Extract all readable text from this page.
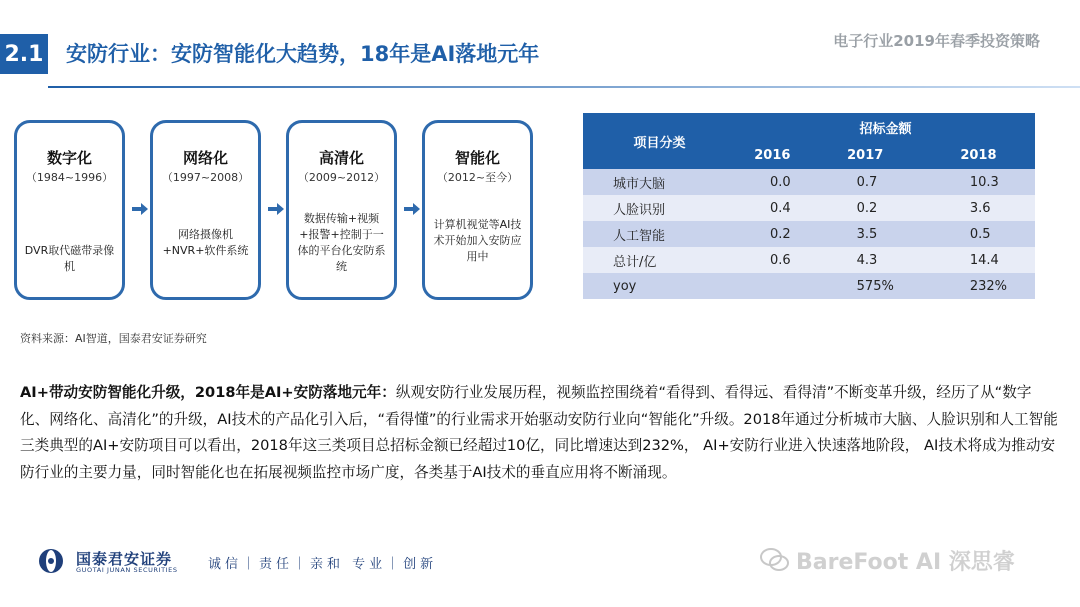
2.1 安防行业：安防智能化大趋势，18年是AI落地元年
电子行业2019年春季投资策略
数字化
（1984~1996）
DVR取代磁带录像机
网络化
（1997~2008）
网络摄像机+NVR+软件系统
高清化
（2009~2012）
数据传输+视频+报警+控制于一体的平台化安防系统
智能化
（2012~至今）
计算机视觉等AI技术开始加入安防应用中
项目分类	招标金额		
	2016	2017	2018
城市大脑	0.0	0.7	10.3
人脸识别	0.4	0.2	3.6
人工智能	0.2	3.5	0.5
总计/亿	0.6	4.3	14.4
yoy		575%	232%
资料来源：AI智道，国泰君安证券研究
AI+带动安防智能化升级，2018年是AI+安防落地元年：纵观安防行业发展历程，视频监控围绕着“看得到、看得远、看得清”不断变革升级，经历了从“数字化、网络化、高清化”的升级，AI技术的产品化引入后，“看得懂”的行业需求开始驱动安防行业向“智能化”升级。2018年通过分析城市大脑、人脸识别和人工智能三类典型的AI+安防项目可以看出，2018年这三类项目总招标金额已经超过10亿，同比增速达到232%， AI+安防行业进入快速落地阶段， AI技术将成为推动安防行业的主要力量，同时智能化也在拓展视频监控市场广度，各类基于AI技术的垂直应用将不断涌现。
国泰君安证券
GUOTAI JUNAN SECURITIES 诚信｜责任｜亲和 专业｜创新	BareFoot AI 深思睿
